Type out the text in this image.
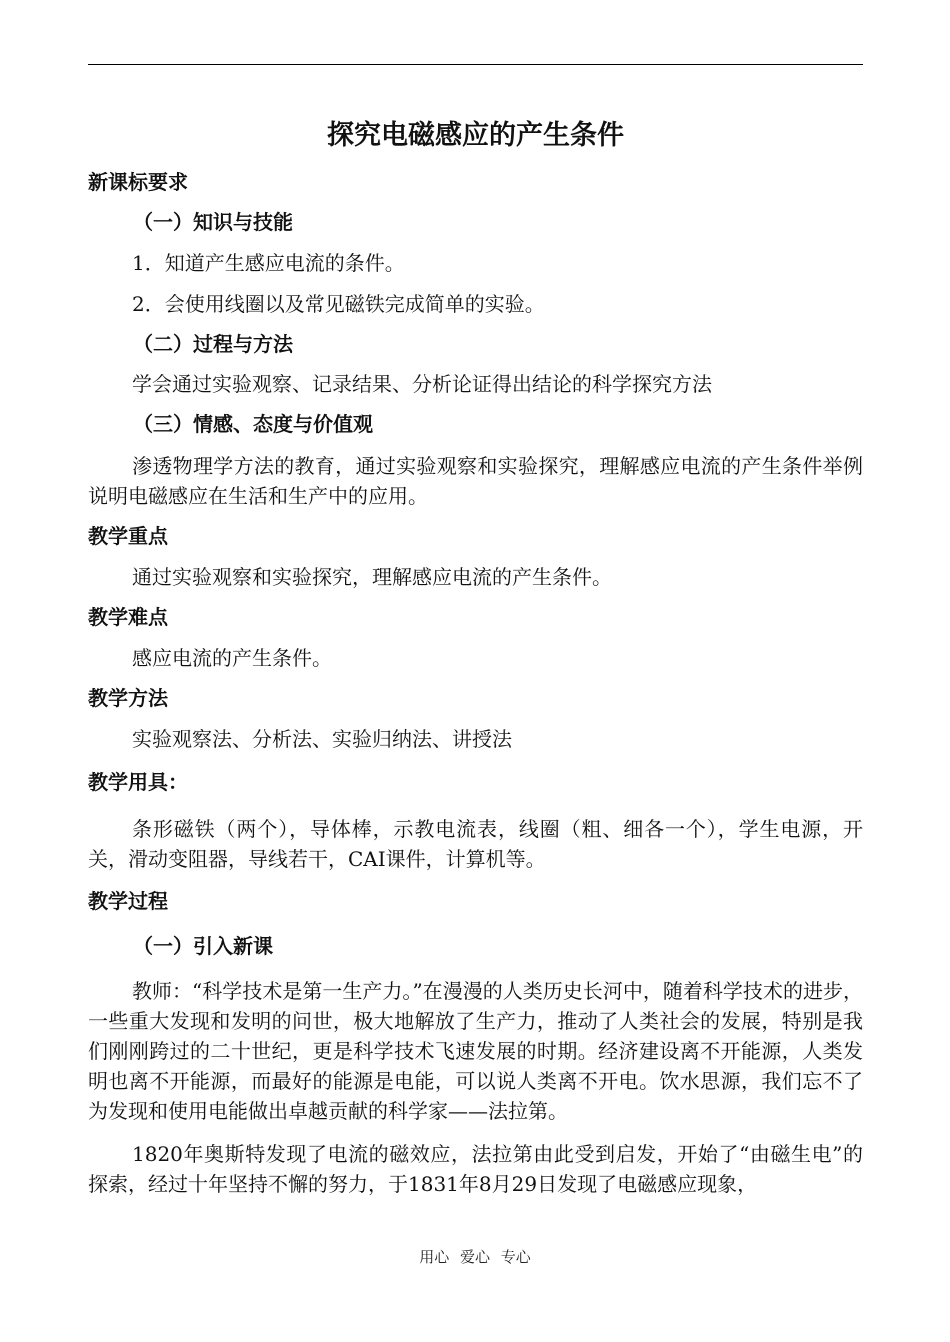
探究电磁感应的产生条件
新课标要求
（一）知识与技能
1．知道产生感应电流的条件。
2．会使用线圈以及常见磁铁完成简单的实验。
（二）过程与方法
学会通过实验观察、记录结果、分析论证得出结论的科学探究方法
（三）情感、态度与价值观

渗透物理学方法的教育，通过实验观察和实验探究，理解感应电流的产生条件举例说明电磁感应在生活和生产中的应用。

教学重点
通过实验观察和实验探究，理解感应电流的产生条件。
教学难点
感应电流的产生条件。
教学方法
实验观察法、分析法、实验归纳法、讲授法
教学用具：

条形磁铁（两个），导体棒，示教电流表，线圈（粗、细各一个），学生电源，开关，滑动变阻器，导线若干，CAI课件，计算机等。

教学过程
（一）引入新课

教师：“科学技术是第一生产力。”在漫漫的人类历史长河中，随着科学技术的进步，一些重大发现和发明的问世，极大地解放了生产力，推动了人类社会的发展，特别是我们刚刚跨过的二十世纪，更是科学技术飞速发展的时期。经济建设离不开能源，人类发明也离不开能源，而最好的能源是电能，可以说人类离不开电。饮水思源，我们忘不了为发现和使用电能做出卓越贡献的科学家——法拉第。

1820年奥斯特发现了电流的磁效应，法拉第由此受到启发，开始了“由磁生电”的探索，经过十年坚持不懈的努力，于1831年8月29日发现了电磁感应现象，

用心 爱心 专心
